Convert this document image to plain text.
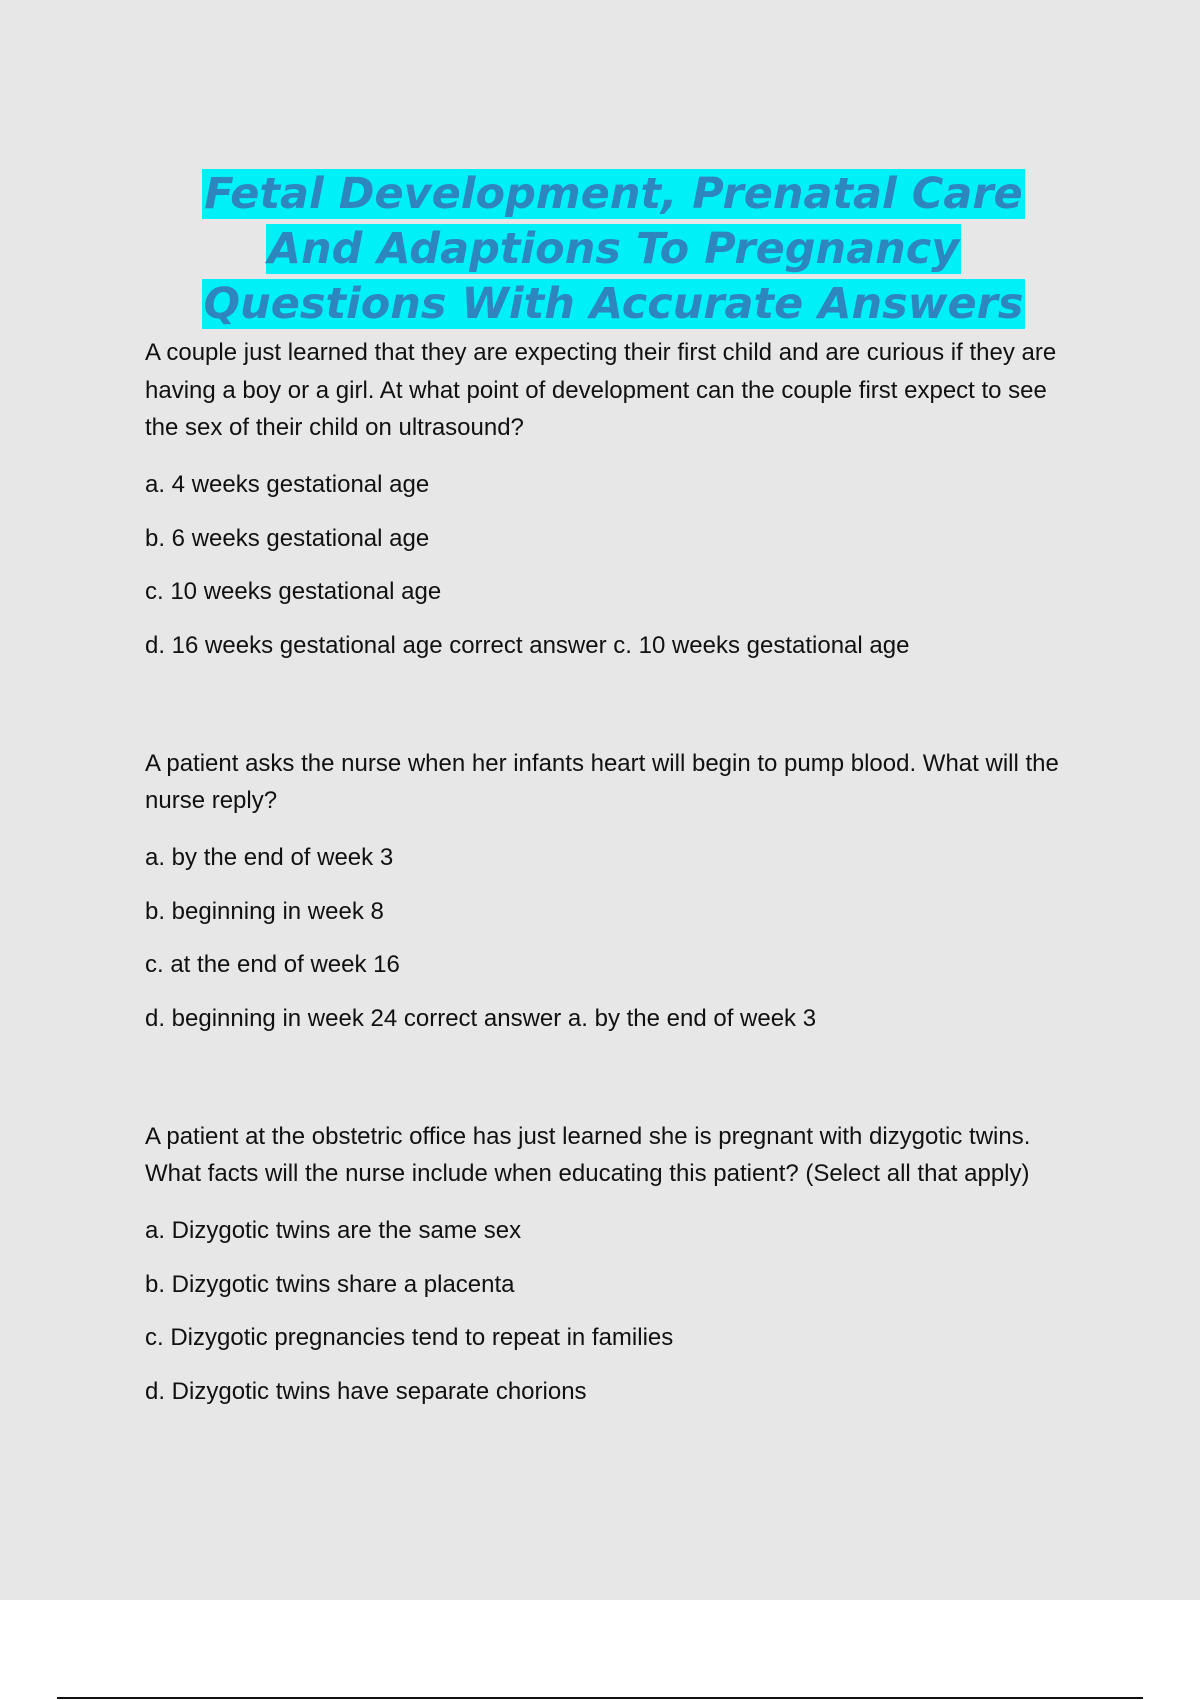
Fetal Development, Prenatal Care
And Adaptions To Pregnancy
Questions With Accurate Answers

A couple just learned that they are expecting their first child and are curious if they are having a boy or a girl. At what point of development can the couple first expect to see the sex of their child on ultrasound?

a. 4 weeks gestational age
b. 6 weeks gestational age
c. 10 weeks gestational age
d. 16 weeks gestational age correct answer c. 10 weeks gestational age

A patient asks the nurse when her infants heart will begin to pump blood. What will the nurse reply?

a. by the end of week 3
b. beginning in week 8
c. at the end of week 16
d. beginning in week 24 correct answer a. by the end of week 3

A patient at the obstetric office has just learned she is pregnant with dizygotic twins. What facts will the nurse include when educating this patient? (Select all that apply)

a. Dizygotic twins are the same sex
b. Dizygotic twins share a placenta
c. Dizygotic pregnancies tend to repeat in families
d. Dizygotic twins have separate chorions
